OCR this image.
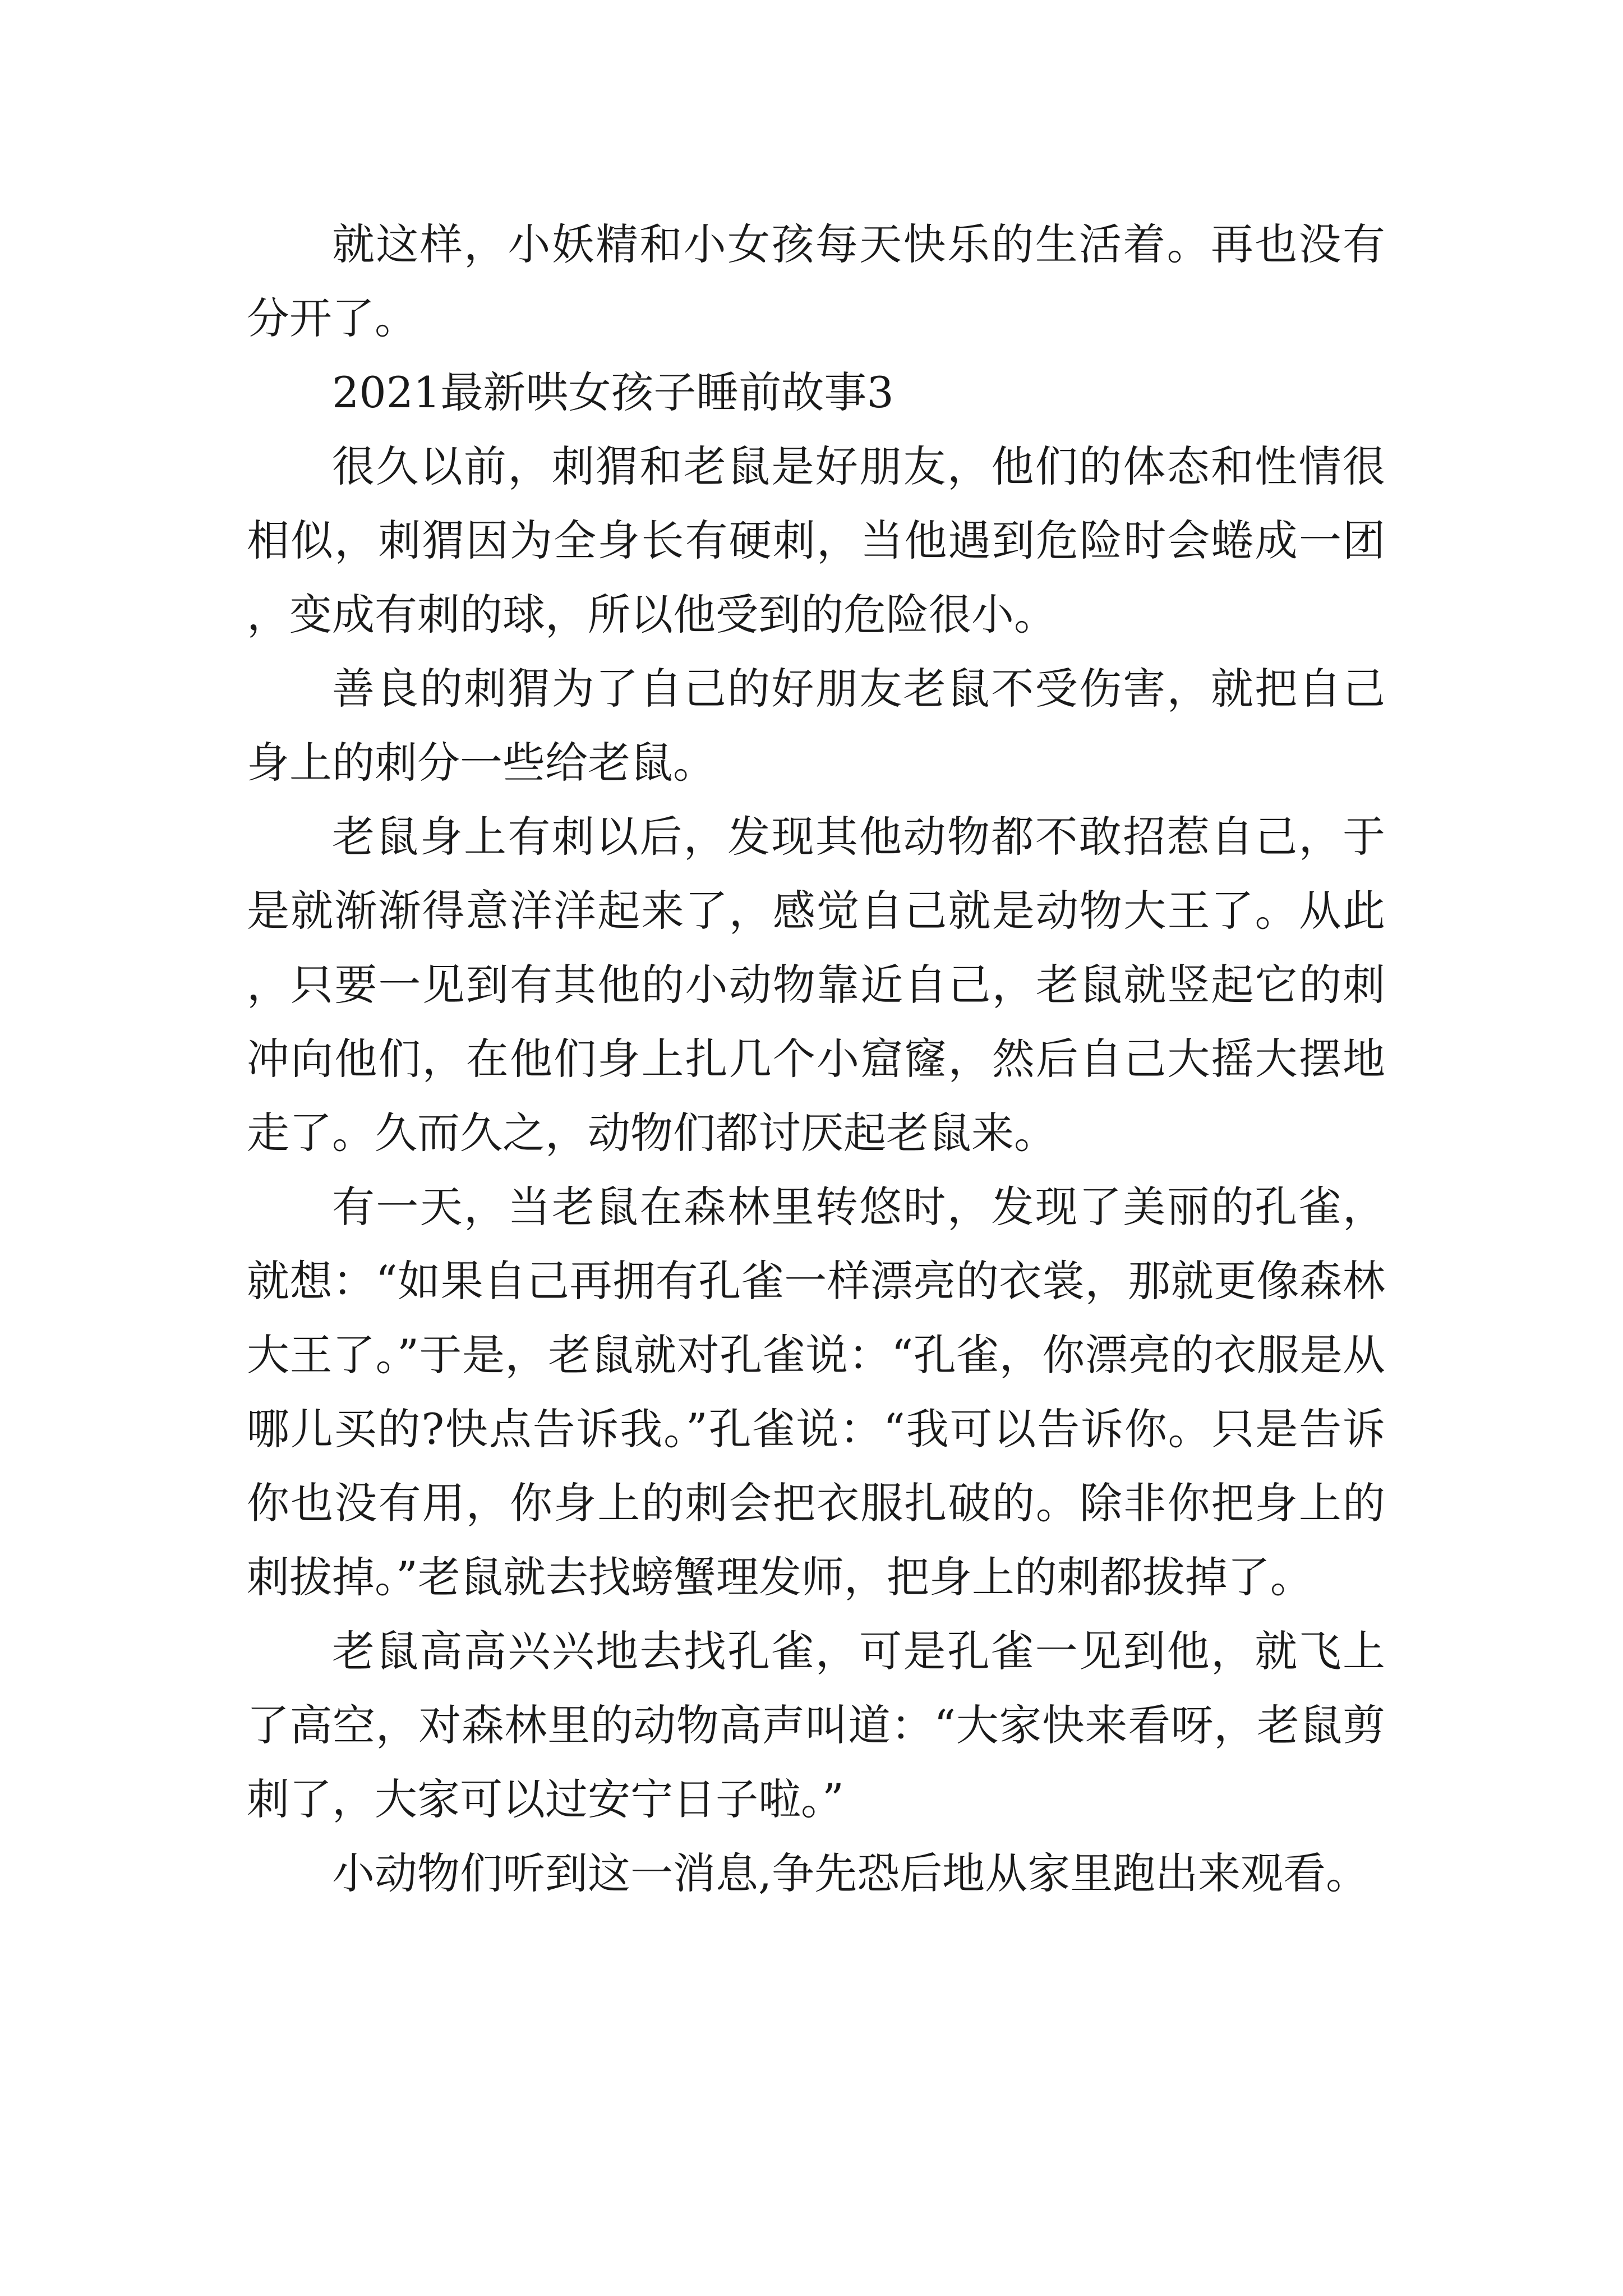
就这样，小妖精和小女孩每天快乐的生活着。再也没有分开了。

2021最新哄女孩子睡前故事3

很久以前，刺猬和老鼠是好朋友，他们的体态和性情很相似，刺猬因为全身长有硬刺，当他遇到危险时会蜷成一团，变成有刺的球，所以他受到的危险很小。

善良的刺猬为了自己的好朋友老鼠不受伤害，就把自己身上的刺分一些给老鼠。

老鼠身上有刺以后，发现其他动物都不敢招惹自己，于是就渐渐得意洋洋起来了，感觉自己就是动物大王了。从此，只要一见到有其他的小动物靠近自己，老鼠就竖起它的刺冲向他们，在他们身上扎几个小窟窿，然后自己大摇大摆地走了。久而久之，动物们都讨厌起老鼠来。

有一天，当老鼠在森林里转悠时，发现了美丽的孔雀，就想：“如果自己再拥有孔雀一样漂亮的衣裳，那就更像森林大王了。”于是，老鼠就对孔雀说：“孔雀，你漂亮的衣服是从哪儿买的?快点告诉我。”孔雀说：“我可以告诉你。只是告诉你也没有用，你身上的刺会把衣服扎破的。除非你把身上的刺拔掉。”老鼠就去找螃蟹理发师，把身上的刺都拔掉了。

老鼠高高兴兴地去找孔雀，可是孔雀一见到他，就飞上了高空，对森林里的动物高声叫道：“大家快来看呀，老鼠剪刺了，大家可以过安宁日子啦。”

小动物们听到这一消息,争先恐后地从家里跑出来观看。
